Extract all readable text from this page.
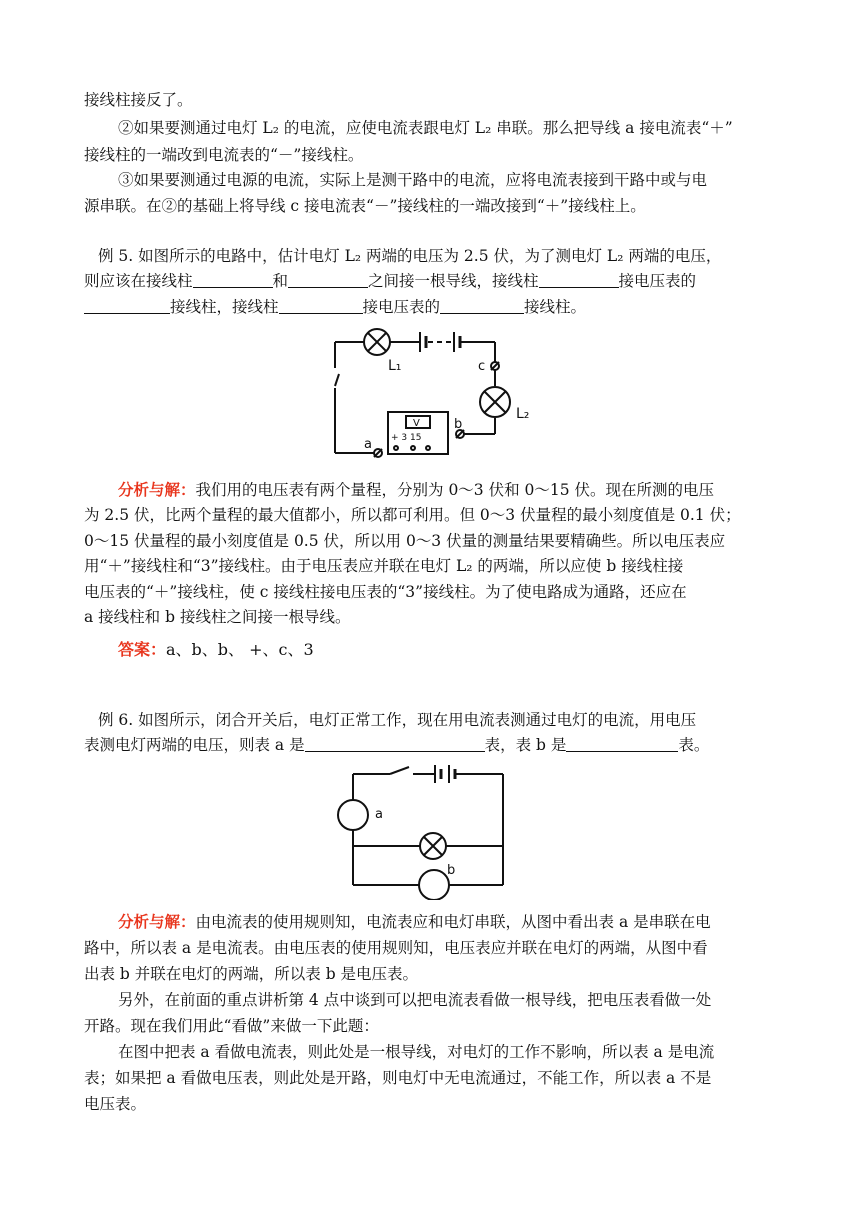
接线柱接反了。
②如果要测通过电灯 L₂ 的电流，应使电流表跟电灯 L₂ 串联。那么把导线 a 接电流表“＋”
接线柱的一端改到电流表的“－”接线柱。
③如果要测通过电源的电流，实际上是测干路中的电流，应将电流表接到干路中或与电
源串联。在②的基础上将导线 c 接电流表“－”接线柱的一端改接到“＋”接线柱上。
例 5. 如图所示的电路中，估计电灯 L₂ 两端的电压为 2.5 伏，为了测电灯 L₂ 两端的电压，
则应该在接线柱	和	之间接一根导线，接线柱	接电压表的
接线柱，接线柱	接电压表的	接线柱。
L₁
L₂
c
a
b
V
+ 3 15
分析与解：我们用的电压表有两个量程，分别为 0～3 伏和 0～15 伏。现在所测的电压
为 2.5 伏，比两个量程的最大值都小，所以都可利用。但 0～3 伏量程的最小刻度值是 0.1 伏；
0～15 伏量程的最小刻度值是 0.5 伏，所以用 0～3 伏量的测量结果要精确些。所以电压表应
用“＋”接线柱和“3”接线柱。由于电压表应并联在电灯 L₂ 的两端，所以应使 b 接线柱接
电压表的“＋”接线柱，使 c 接线柱接电压表的“3”接线柱。为了使电路成为通路，还应在
a 接线柱和 b 接线柱之间接一根导线。
答案：a、b、b、 +、c、3
例 6. 如图所示，闭合开关后，电灯正常工作，现在用电流表测通过电灯的电流，用电压
表测电灯两端的电压，则表 a 是	表，表 b 是	表。
a
b
分析与解：由电流表的使用规则知，电流表应和电灯串联，从图中看出表 a 是串联在电
路中，所以表 a 是电流表。由电压表的使用规则知，电压表应并联在电灯的两端，从图中看
出表 b 并联在电灯的两端，所以表 b 是电压表。
另外，在前面的重点讲析第 4 点中谈到可以把电流表看做一根导线，把电压表看做一处
开路。现在我们用此“看做”来做一下此题：
在图中把表 a 看做电流表，则此处是一根导线，对电灯的工作不影响，所以表 a 是电流
表；如果把 a 看做电压表，则此处是开路，则电灯中无电流通过，不能工作，所以表 a 不是
电压表。
